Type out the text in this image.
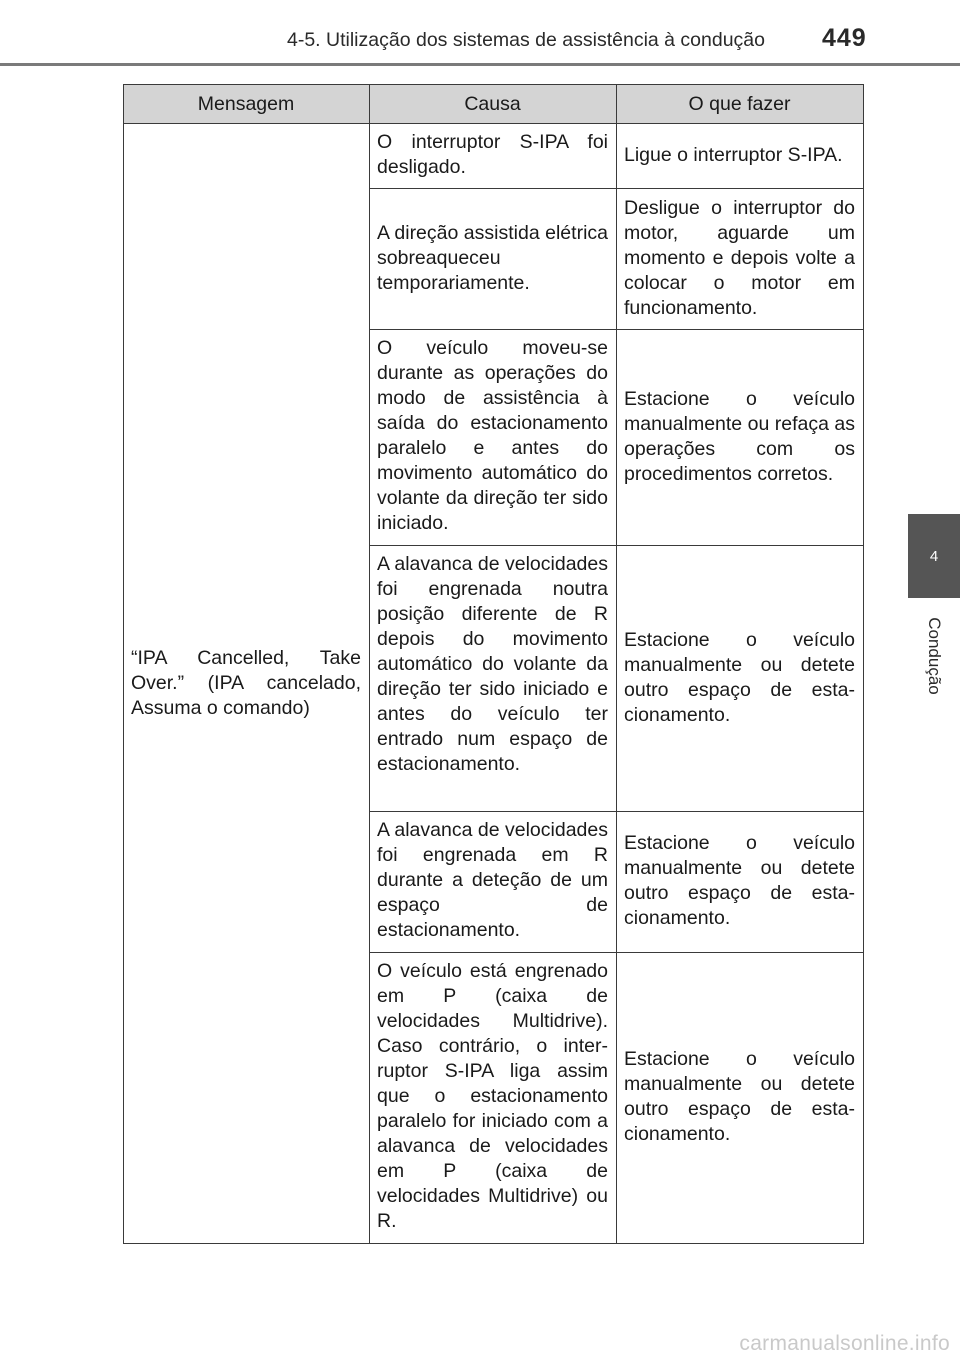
4-5. Utilização dos sistemas de assistência à condução 449
4
Condução
Mensagem	Causa	O que fazer
“IPA Cancelled, Take Over.” (IPA cancelado, Assuma o comando)	O interruptor S-IPA foi desligado.	Ligue o interruptor S-IPA.
	A direção assistida elétrica sobreaqueceu temporariamente.	Desligue o interruptor do motor, aguarde um momento e depois volte a colocar o motor em funcionamento.
	O veículo moveu-se durante as operações do modo de assistência à saída do estacionamento paralelo e antes do movimento automático do volante da direção ter sido iniciado.	Estacione o veículo manualmente ou refaça as operações com os procedimentos corretos.
	A alavanca de velocidades foi engrenada noutra posição diferente de R depois do movimento automático do volante da direção ter sido iniciado e antes do veículo ter entrado num espaço de estacionamento.	Estacione o veículo manualmente ou detete outro espaço de estacionamento.
	A alavanca de velocidades foi engrenada em R durante a deteção de um espaço de estacionamento.	Estacione o veículo manualmente ou detete outro espaço de estacionamento.
	O veículo está engrenado em P (caixa de velocidades Multidrive). Caso contrário, o interruptor S-IPA liga assim que o estacionamento paralelo for iniciado com a alavanca de velocidades em P (caixa de velocidades Multidrive) ou R.	Estacione o veículo manualmente ou detete outro espaço de estacionamento.
carmanualsonline.info
